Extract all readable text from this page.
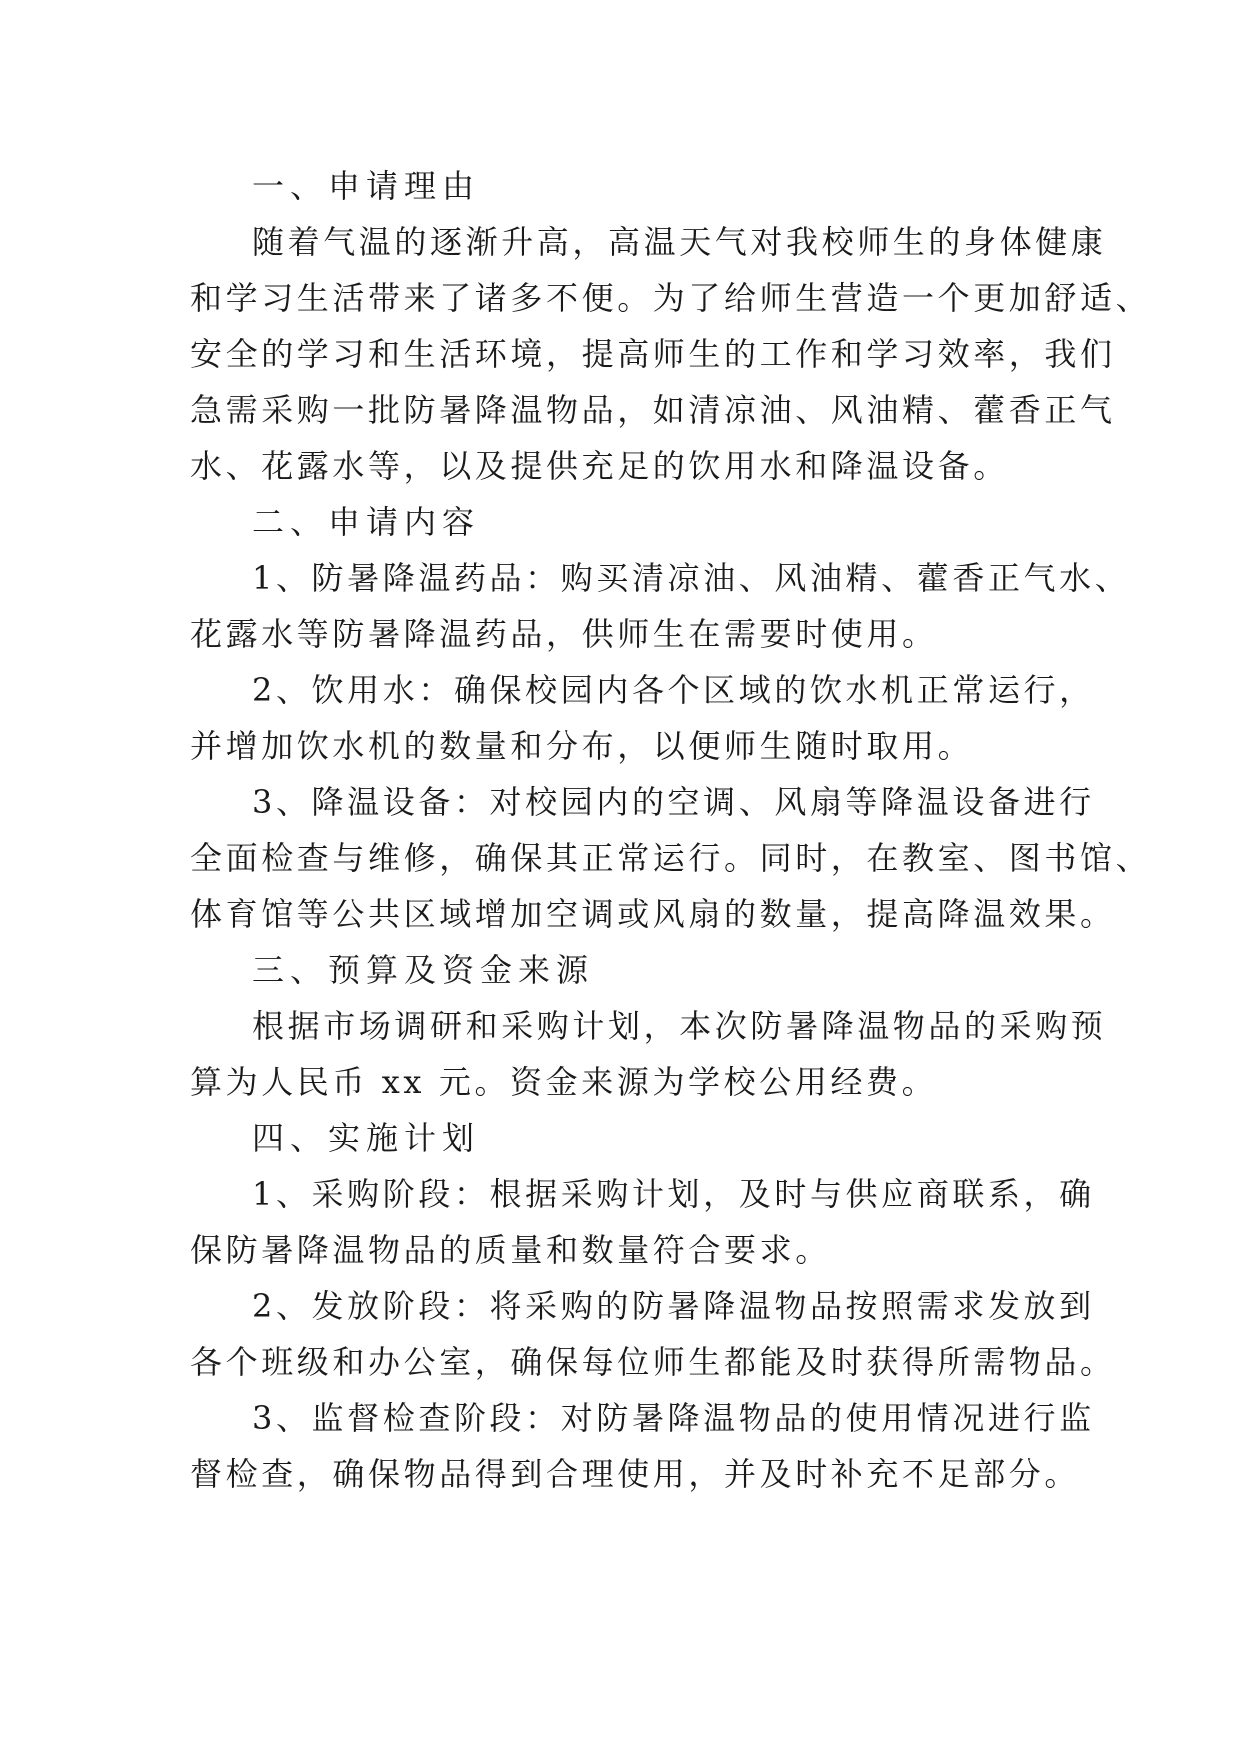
一、申请理由

随着气温的逐渐升高，高温天气对我校师生的身体健康

和学习生活带来了诸多不便。为了给师生营造一个更加舒适、

安全的学习和生活环境，提高师生的工作和学习效率，我们

急需采购一批防暑降温物品，如清凉油、风油精、藿香正气

水、花露水等，以及提供充足的饮用水和降温设备。

二、申请内容

1、防暑降温药品：购买清凉油、风油精、藿香正气水、

花露水等防暑降温药品，供师生在需要时使用。

2、饮用水：确保校园内各个区域的饮水机正常运行，

并增加饮水机的数量和分布，以便师生随时取用。

3、降温设备：对校园内的空调、风扇等降温设备进行

全面检查与维修，确保其正常运行。同时，在教室、图书馆、

体育馆等公共区域增加空调或风扇的数量，提高降温效果。

三、预算及资金来源

根据市场调研和采购计划，本次防暑降温物品的采购预

算为人民币 xx 元。资金来源为学校公用经费。

四、实施计划

1、采购阶段：根据采购计划，及时与供应商联系，确

保防暑降温物品的质量和数量符合要求。

2、发放阶段：将采购的防暑降温物品按照需求发放到

各个班级和办公室，确保每位师生都能及时获得所需物品。

3、监督检查阶段：对防暑降温物品的使用情况进行监

督检查，确保物品得到合理使用，并及时补充不足部分。
